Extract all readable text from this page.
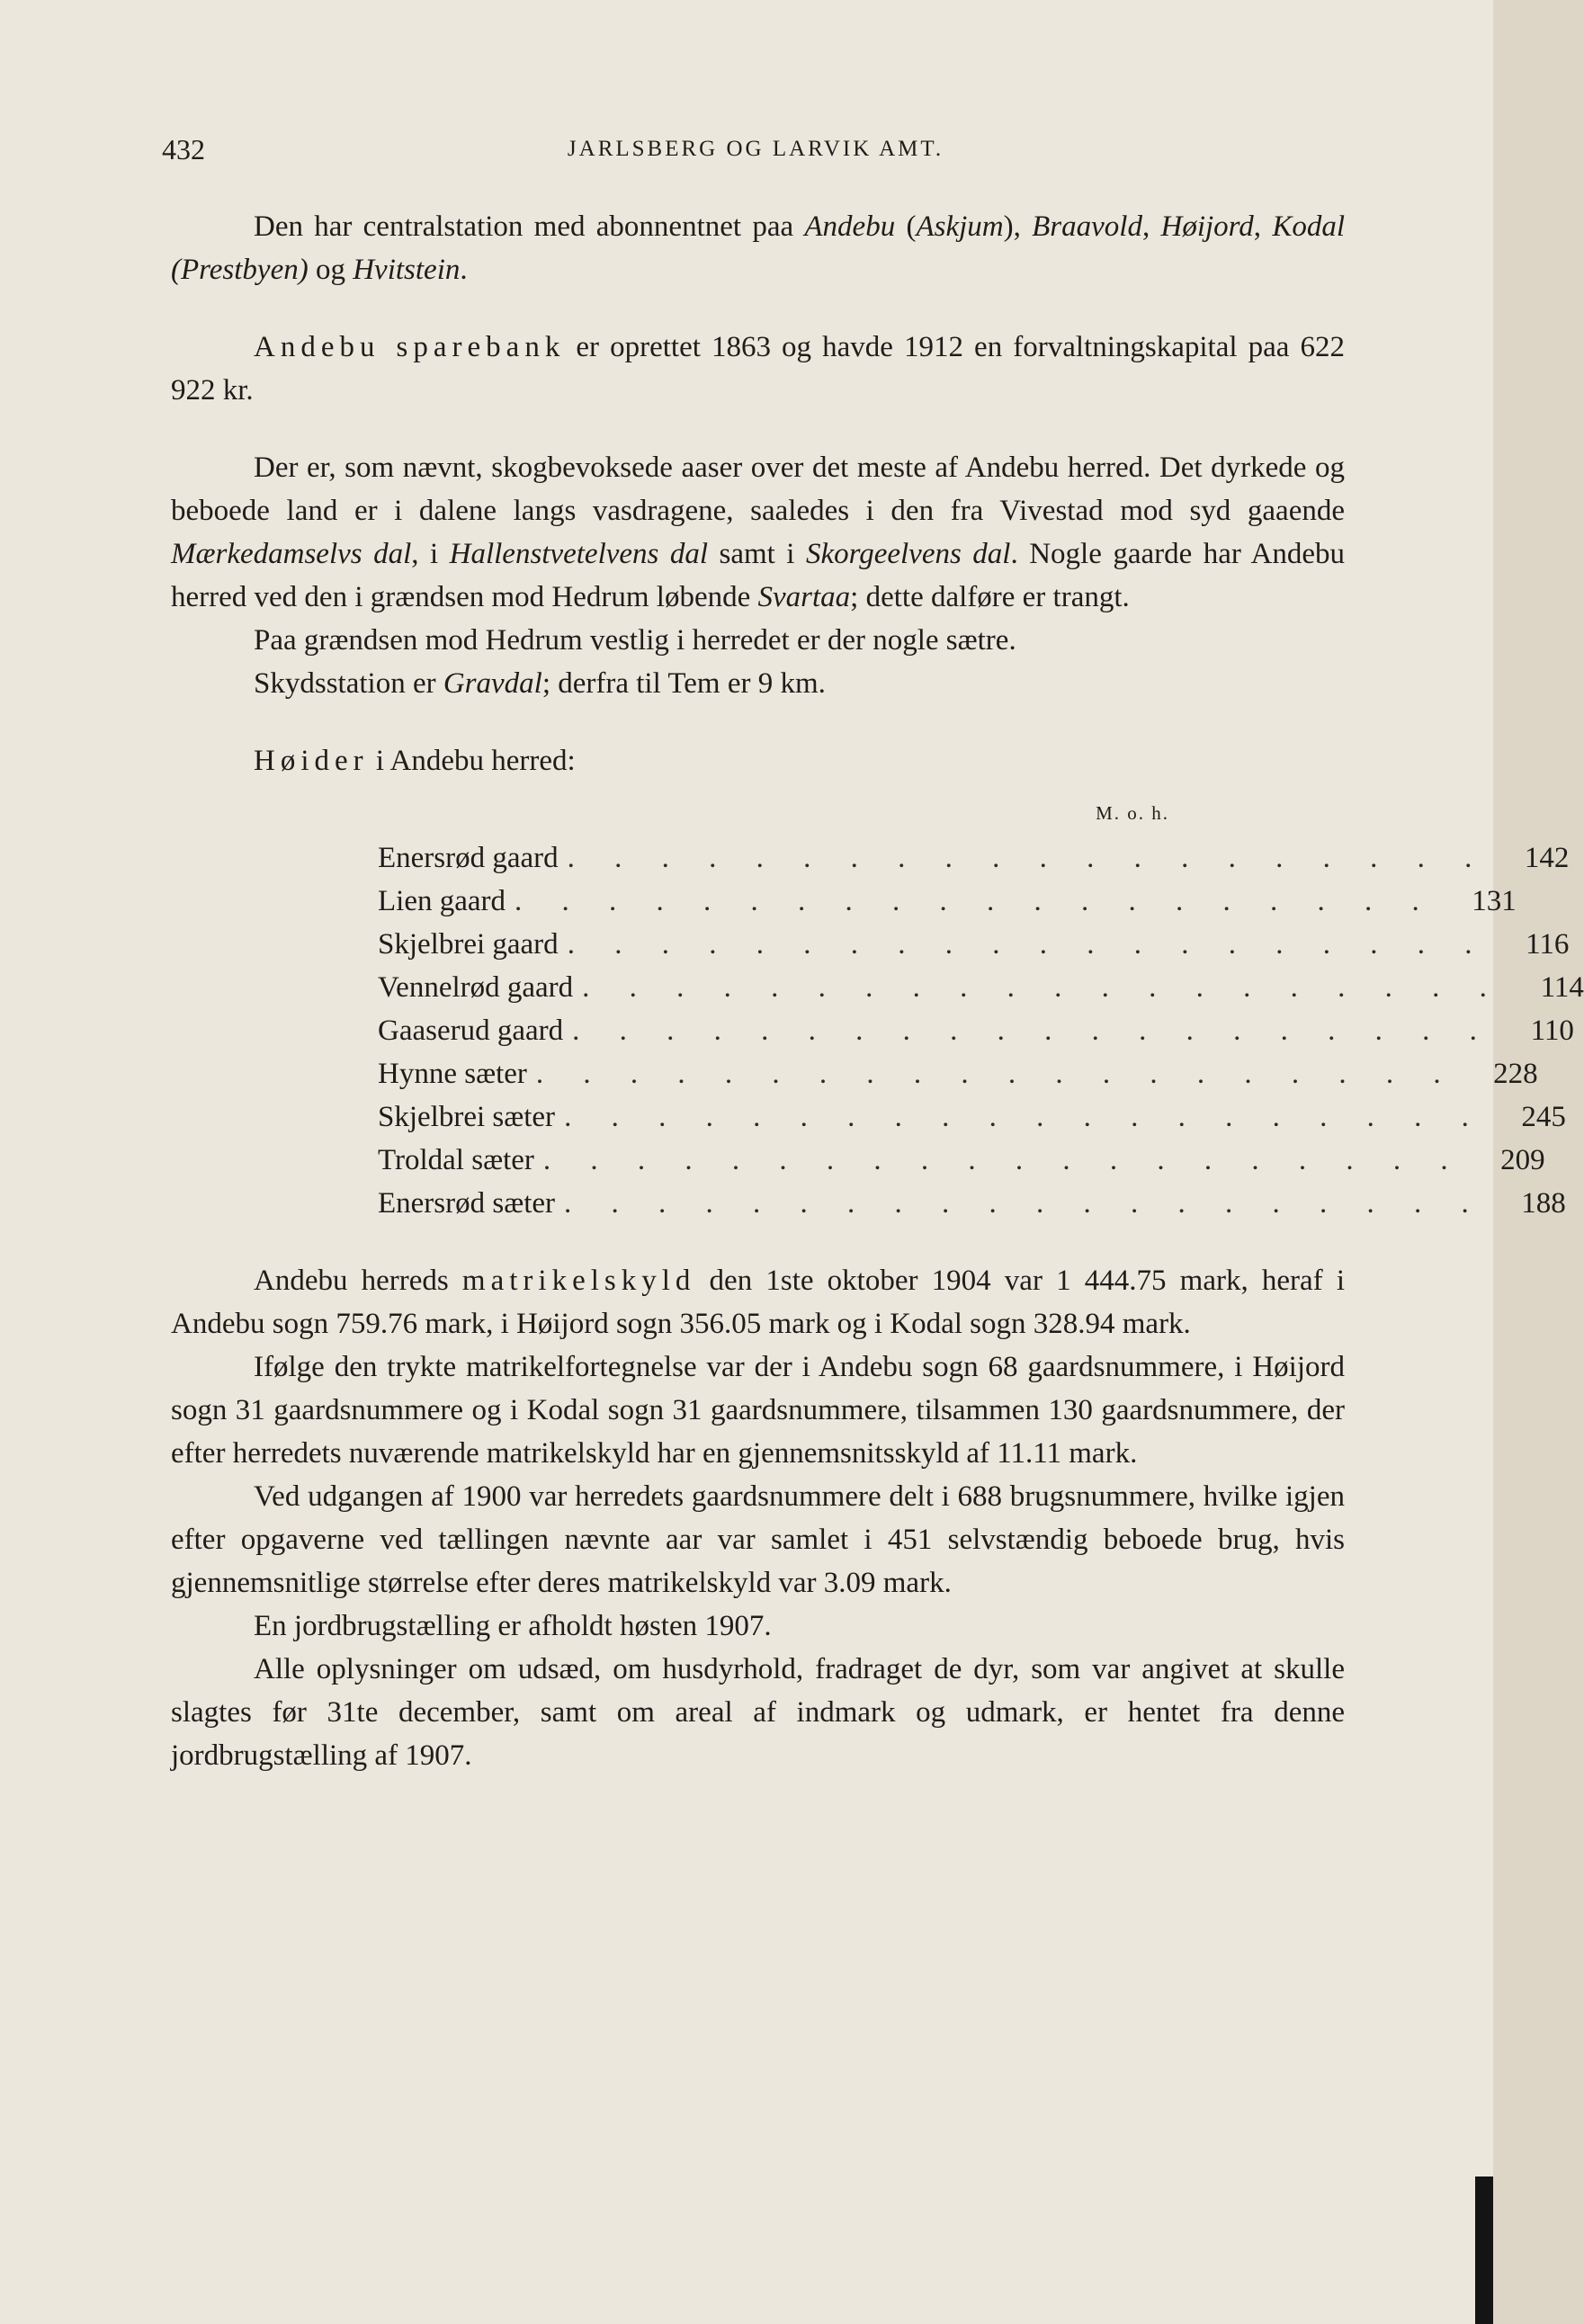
432	JARLSBERG OG LARVIK AMT.

Den har centralstation med abonnentnet paa Andebu (Askjum), Braavold, Høijord, Kodal (Prestbyen) og Hvitstein.

Andebu sparebank er oprettet 1863 og havde 1912 en forvaltningskapital paa 622 922 kr.

Der er, som nævnt, skogbevoksede aaser over det meste af Andebu herred. Det dyrkede og beboede land er i dalene langs vasdragene, saaledes i den fra Vivestad mod syd gaaende Mærkedamselvs dal, i Hallenstvetelvens dal samt i Skorgeelvens dal. Nogle gaarde har Andebu herred ved den i grændsen mod Hedrum løbende Svartaa; dette dalføre er trangt.

Paa grændsen mod Hedrum vestlig i herredet er der nogle sætre.

Skydsstation er Gravdal; derfra til Tem er 9 km.

Høider i Andebu herred:

M. o. h.
Enersrød gaard . . . . . . . . . . . . . . . . . . . .	142
Lien gaard . . . . . . . . . . . . . . . . . . . .	131
Skjelbrei gaard . . . . . . . . . . . . . . . . . . . .	116
Vennelrød gaard . . . . . . . . . . . . . . . . . . . .	114
Gaaserud gaard . . . . . . . . . . . . . . . . . . . .	110
Hynne sæter . . . . . . . . . . . . . . . . . . . .	228
Skjelbrei sæter . . . . . . . . . . . . . . . . . . . .	245
Troldal sæter . . . . . . . . . . . . . . . . . . . .	209
Enersrød sæter . . . . . . . . . . . . . . . . . . . .	188

Andebu herreds matrikelskyld den 1ste oktober 1904 var 1 444.75 mark, heraf i Andebu sogn 759.76 mark, i Høijord sogn 356.05 mark og i Kodal sogn 328.94 mark.

Ifølge den trykte matrikelfortegnelse var der i Andebu sogn 68 gaardsnummere, i Høijord sogn 31 gaardsnummere og i Kodal sogn 31 gaardsnummere, tilsammen 130 gaardsnummere, der efter herredets nuværende matrikelskyld har en gjennemsnitsskyld af 11.11 mark.

Ved udgangen af 1900 var herredets gaardsnummere delt i 688 brugsnummere, hvilke igjen efter opgaverne ved tællingen nævnte aar var samlet i 451 selvstændig beboede brug, hvis gjennemsnitlige størrelse efter deres matrikelskyld var 3.09 mark.

En jordbrugstælling er afholdt høsten 1907.

Alle oplysninger om udsæd, om husdyrhold, fradraget de dyr, som var angivet at skulle slagtes før 31te december, samt om areal af indmark og udmark, er hentet fra denne jordbrugstælling af 1907.
